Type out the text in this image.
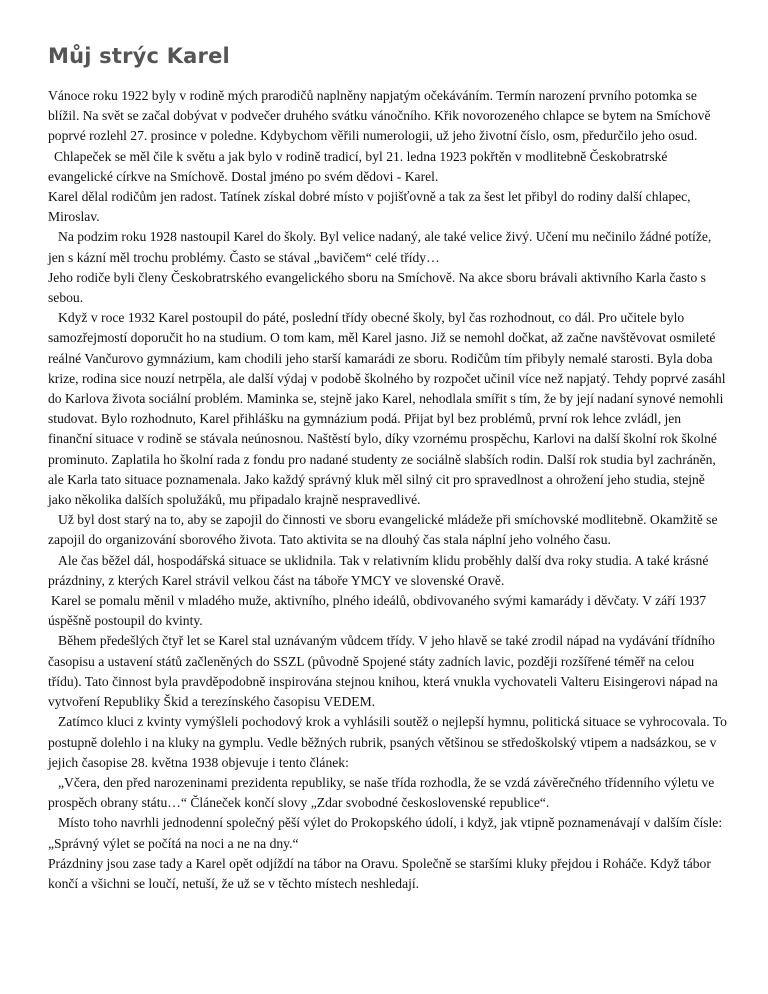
Můj strýc Karel

Vánoce roku 1922 byly v rodině mých prarodičů naplněny napjatým očekáváním. Termín narození prvního potomka se blížil. Na svět se začal dobývat v podvečer druhého svátku vánočního. Křik novorozeného chlapce se bytem na Smíchově poprvé rozlehl 27. prosince v poledne. Kdybychom věřili numerologii, už jeho životní číslo, osm, předurčilo jeho osud.

Chlapeček se měl čile k světu a jak bylo v rodině tradicí, byl 21. ledna 1923 pokřtěn v modlitebně Českobratrské evangelické církve na Smíchově. Dostal jméno po svém dědovi - Karel.

Karel dělal rodičům jen radost. Tatínek získal dobré místo v pojišťovně a tak za šest let přibyl do rodiny další chlapec, Miroslav.

Na podzim roku 1928 nastoupil Karel do školy. Byl velice nadaný, ale také velice živý. Učení mu nečinilo žádné potíže, jen s kázní měl trochu problémy. Často se stával „bavičem“ celé třídy…

Jeho rodiče byli členy Českobratrského evangelického sboru na Smíchově. Na akce sboru brávali aktivního Karla často s sebou.

Když v roce 1932 Karel postoupil do páté, poslední třídy obecné školy, byl čas rozhodnout, co dál. Pro učitele bylo samozřejmostí doporučit ho na studium. O tom kam, měl Karel jasno. Již se nemohl dočkat, až začne navštěvovat osmileté reálné Vančurovo gymnázium, kam chodili jeho starší kamarádi ze sboru. Rodičům tím přibyly nemalé starosti. Byla doba krize, rodina sice nouzí netrpěla, ale další výdaj v podobě školného by rozpočet učinil více než napjatý. Tehdy poprvé zasáhl do Karlova života sociální problém. Maminka se, stejně jako Karel, nehodlala smířit s tím, že by její nadaní synové nemohli studovat. Bylo rozhodnuto, Karel přihlášku na gymnázium podá. Přijat byl bez problémů, první rok lehce zvládl, jen finanční situace v rodině se stávala neúnosnou. Naštěstí bylo, díky vzornému prospěchu, Karlovi na další školní rok školné prominuto. Zaplatila ho školní rada z fondu pro nadané studenty ze sociálně slabších rodin. Další rok studia byl zachráněn, ale Karla tato situace poznamenala. Jako každý správný kluk měl silný cit pro spravedlnost a ohrožení jeho studia, stejně jako několika dalších spolužáků, mu připadalo krajně nespravedlivé.

Už byl dost starý na to, aby se zapojil do činnosti ve sboru evangelické mládeže při smíchovské modlitebně. Okamžitě se zapojil do organizování sborového života. Tato aktivita se na dlouhý čas stala náplní jeho volného času.

Ale čas běžel dál, hospodářská situace se uklidnila. Tak v relativním klidu proběhly další dva roky studia. A také krásné prázdniny, z kterých Karel strávil velkou část na táboře YMCY ve slovenské Oravě.

Karel se pomalu měnil v mladého muže, aktivního, plného ideálů, obdivovaného svými kamarády i děvčaty. V září 1937 úspěšně postoupil do kvinty.

Během předešlých čtyř let se Karel stal uznávaným vůdcem třídy. V jeho hlavě se také zrodil nápad na vydávání třídního časopisu a ustavení států začleněných do SSZL (původně Spojené státy zadních lavic, později rozšířené téměř na celou třídu). Tato činnost byla pravděpodobně inspirována stejnou knihou, která vnukla vychovateli Valteru Eisingerovi nápad na vytvoření Republiky Škid a terezínského časopisu VEDEM.

Zatímco kluci z kvinty vymýšleli pochodový krok a vyhlásili soutěž o nejlepší hymnu, politická situace se vyhrocovala. To postupně dolehlo i na kluky na gymplu. Vedle běžných rubrik, psaných většinou se středoškolský vtipem a nadsázkou, se v jejich časopise 28. května 1938 objevuje i tento článek:

„Včera, den před narozeninami prezidenta republiky, se naše třída rozhodla, že se vzdá závěrečného třídenního výletu ve prospěch obrany státu…“ Článeček končí slovy „Zdar svobodné československé republice“.

Místo toho navrhli jednodenní společný pěší výlet do Prokopského údolí, i když, jak vtipně poznamenávají v dalším čísle: „Správný výlet se počítá na noci a ne na dny.“

Prázdniny jsou zase tady a Karel opět odjíždí na tábor na Oravu. Společně se staršími kluky přejdou i Roháče. Když tábor končí a všichni se loučí, netuší, že už se v těchto místech neshledají.
